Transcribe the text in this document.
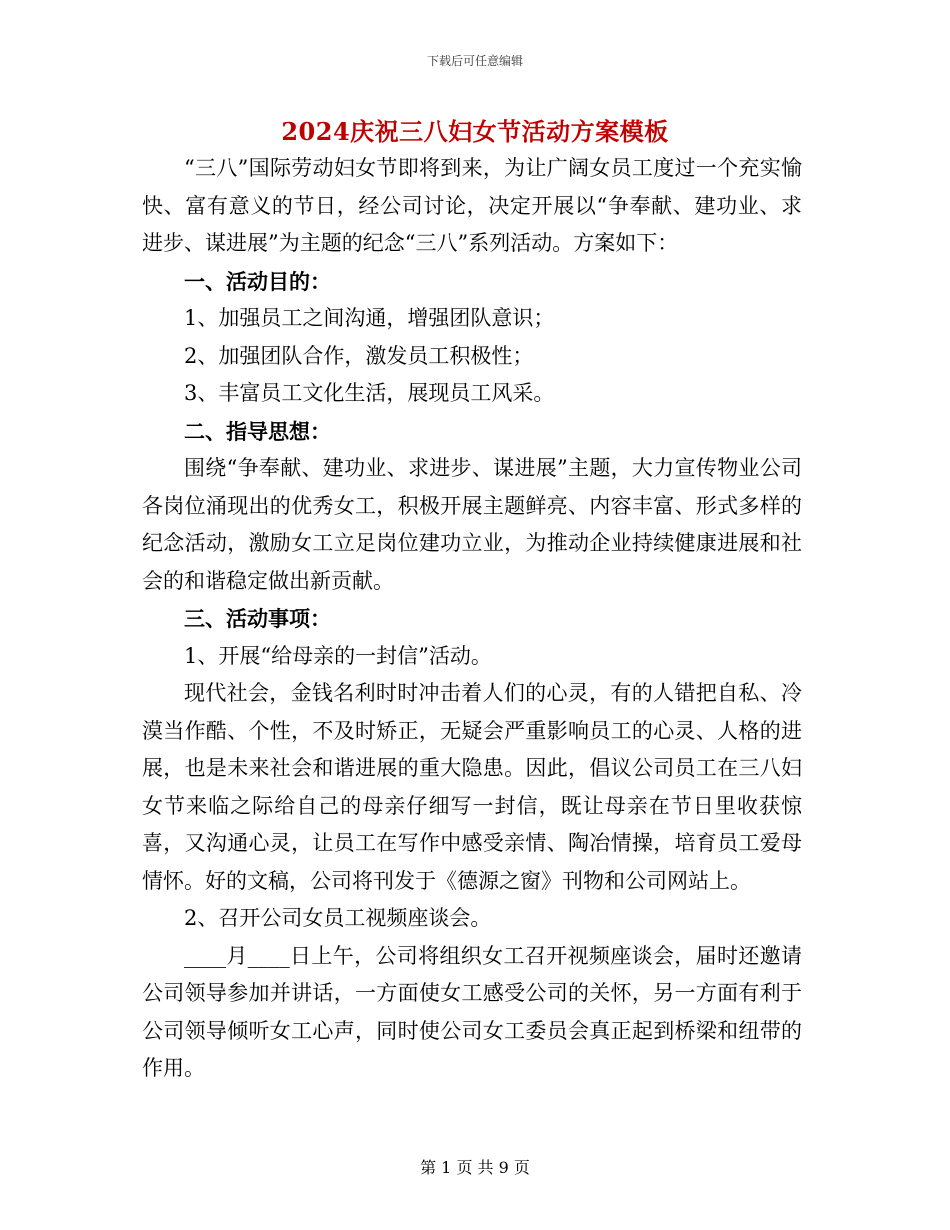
下载后可任意编辑
2024庆祝三八妇女节活动方案模板

“三八”国际劳动妇女节即将到来，为让广阔女员工度过一个充实愉快、富有意义的节日，经公司讨论，决定开展以“争奉献、建功业、求进步、谋进展”为主题的纪念“三八”系列活动。方案如下：

一、活动目的：

1、加强员工之间沟通，增强团队意识；

2、加强团队合作，激发员工积极性；

3、丰富员工文化生活，展现员工风采。

二、指导思想：

围绕“争奉献、建功业、求进步、谋进展”主题，大力宣传物业公司各岗位涌现出的优秀女工，积极开展主题鲜亮、内容丰富、形式多样的纪念活动，激励女工立足岗位建功立业，为推动企业持续健康进展和社会的和谐稳定做出新贡献。

三、活动事项：

1、开展“给母亲的一封信”活动。

现代社会，金钱名利时时冲击着人们的心灵，有的人错把自私、冷漠当作酷、个性，不及时矫正，无疑会严重影响员工的心灵、人格的进展，也是未来社会和谐进展的重大隐患。因此，倡议公司员工在三八妇女节来临之际给自己的母亲仔细写一封信，既让母亲在节日里收获惊喜，又沟通心灵，让员工在写作中感受亲情、陶冶情操，培育员工爱母情怀。好的文稿，公司将刊发于《德源之窗》刊物和公司网站上。

2、召开公司女员工视频座谈会。

____月____日上午，公司将组织女工召开视频座谈会，届时还邀请公司领导参加并讲话，一方面使女工感受公司的关怀，另一方面有利于公司领导倾听女工心声，同时使公司女工委员会真正起到桥梁和纽带的作用。

第 1 页 共 9 页
